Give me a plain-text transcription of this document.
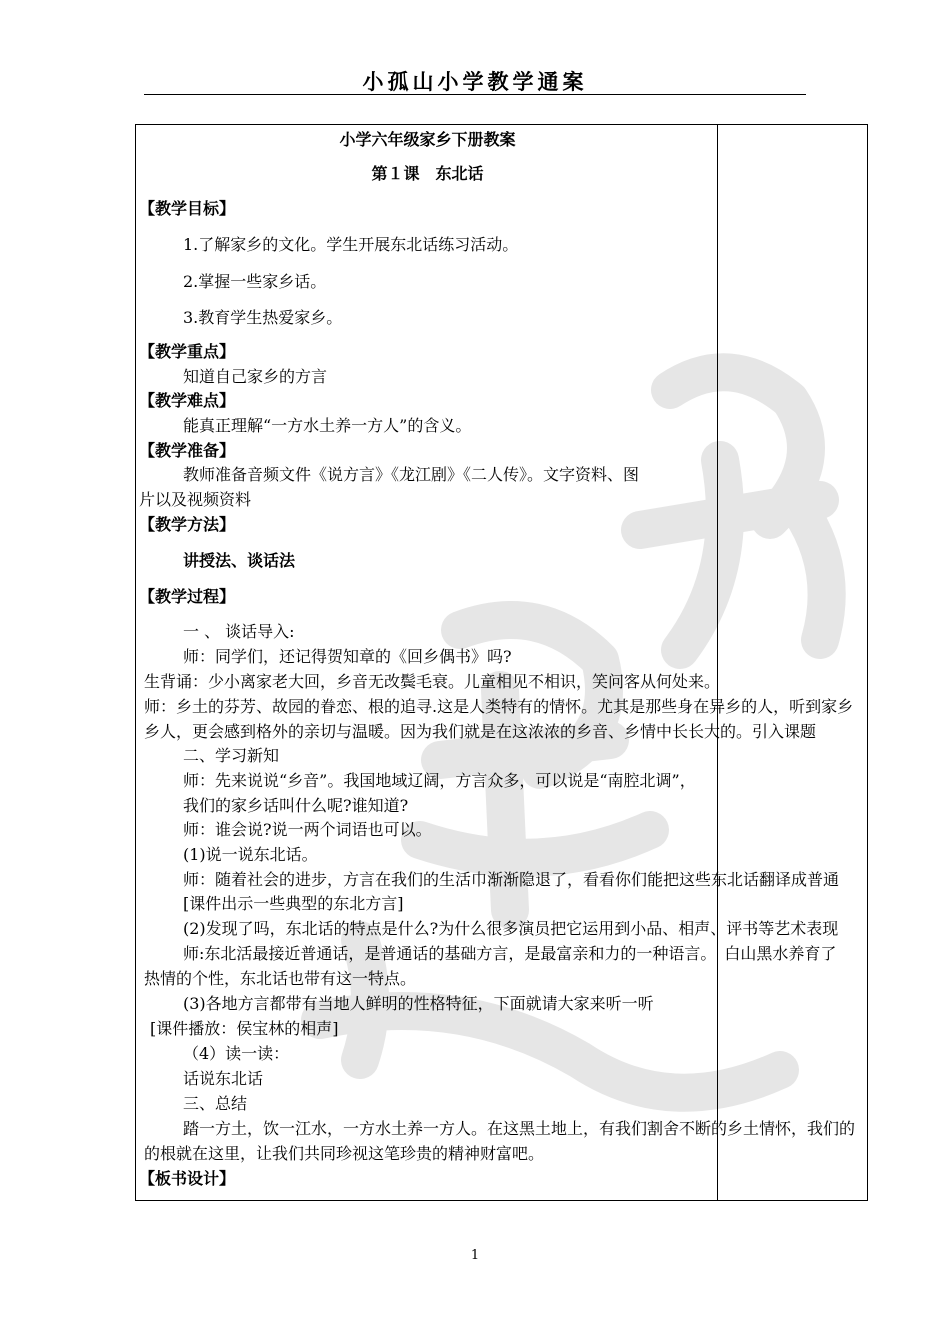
小孤山小学教学通案
小学六年级家乡下册教案
第１课　东北话
【教学目标】
1.了解家乡的文化。学生开展东北话练习活动。
2.掌握一些家乡话。
3.教育学生热爱家乡。
【教学重点】
知道自己家乡的方言
【教学难点】
能真正理解“一方水土养一方人”的含义。
【教学准备】
教师准备音频文件《说方言》《龙江剧》《二人传》。文字资料、图
片以及视频资料
【教学方法】
讲授法、谈话法
【教学过程】
一 、 谈话导入:
师：同学们，还记得贺知章的《回乡偶书》吗?
生背诵：少小离家老大回，乡音无改鬓毛衰。儿童相见不相识，笑问客从何处来。
师：乡土的芬芳、故园的眷恋、根的追寻.这是人类特有的情怀。尤其是那些身在异乡的人，听到家乡
乡人，更会感到格外的亲切与温暖。因为我们就是在这浓浓的乡音、乡情中长长大的。引入课题
二、学习新知
师：先来说说“乡音”。我国地域辽阔，方言众多，可以说是“南腔北调”，
我们的家乡话叫什么呢?谁知道?
师：谁会说?说一两个词语也可以。
(1)说一说东北话。
师：随着社会的进步，方言在我们的生活巾渐渐隐退了，看看你们能把这些东北话翻译成普通
[课件出示一些典型的东北方言]
(2)发现了吗，东北话的特点是什么?为什么很多演员把它运用到小品、相声、评书等艺术表现
师:东北活最接近普通话，是普通话的基础方言，是最富亲和力的一种语言。　白山黑水养育了
热情的个性，东北话也带有这一特点。
(3)各地方言都带有当地人鲜明的性格特征，下面就请大家来听一听
[课件播放：侯宝林的相声]
（4）读一读：
话说东北话
三、总结
踏一方土，饮一江水，一方水土养一方人。在这黑土地上，有我们割舍不断的乡土情怀，我们的
的根就在这里，让我们共同珍视这笔珍贵的精神财富吧。
【板书设计】
1
